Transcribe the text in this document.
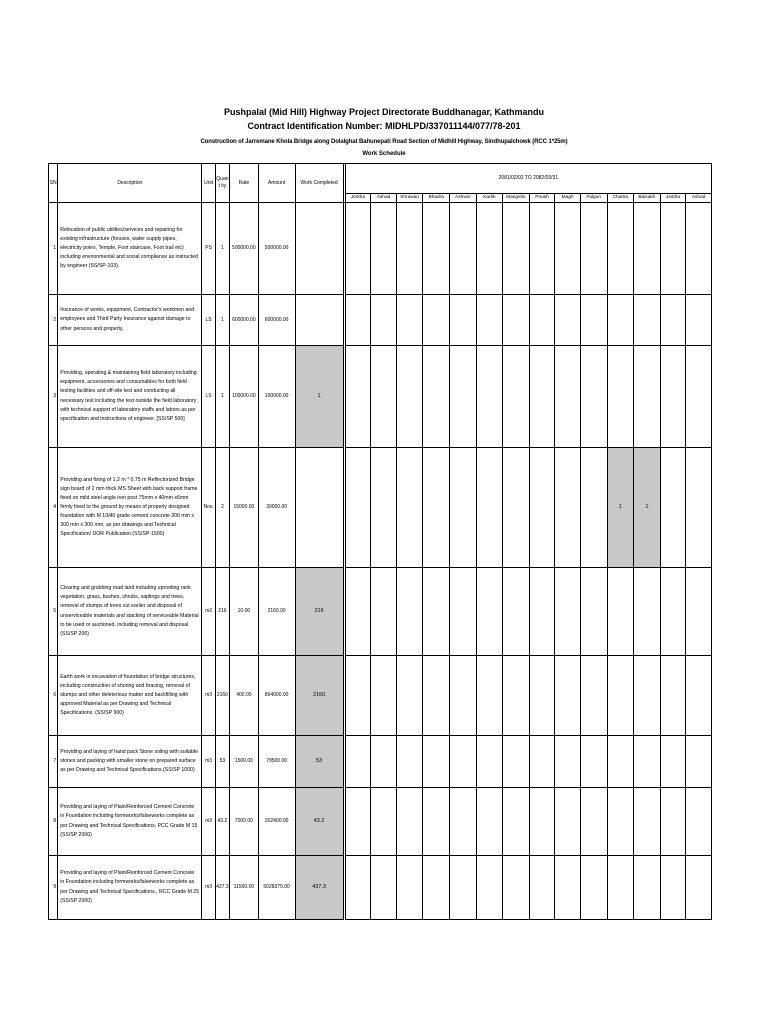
Pushpalal (Mid Hill) Highway Project Directorate Buddhanagar, Kathmandu
Contract Identification Number: MIDHLPD/337011144/077/78-201
Construction of Jarremane Khola Bridge along Dolalghat Bahunepati Road Section of Midhill Highway, Sindhupalchowk (RCC 1*25m)
Work Schedule
SN	Description	Unit	Quant ity	Rate	Amount	Work Completed		2081/02/02 TO 2082/03/31													
								Jestha	Ashad	Shrawan	Bhadra	Ashwin	Kartik	Mangshir	Poush	Magh	Falgun	Chaitra	Baisakh	Jestha	Ashad
1	Relocation of public utilities/services and repairing for existing infrastructure (houses, water supply pipes, electricity poles, Temple, Foot staircase, Foot trail etc) including environmental and social compliance as instructed by engineer (SS/SP-103).	PS	1	500000.00	500000.00																
2	Insurance of works, equipment, Contractor's workmen and employees and Third Party Insurance against damage to other persons and property.	LS	1	600000.00	600000.00																
3	Providing, operating & maintaining field laboratory including equipment, accessories and consumables for both field testing facilities and off-site test and conducting all necessary test including the test outside the field laboratory with technical support of laboratory staffs and labors as per specification and instructions of engineer. [SS/SP 500]	LS	1	100000.00	100000.00	1															
4	Providing and fixing of 1.2 m * 0.75 m Reflectorized Bridge sign board of 2 mm thick MS Sheet with back support frame fixed on mild steel angle iron post 75mm x 40mm x6mm firmly fixed to the ground by means of properly designed foundation with M 10/40 grade cement concrete 300 mm x 300 mm x 300 mm, as per drawings and Technical Specification/ DOR Publication.(SS/SP-1500)	Nos.	2	15000.00	30000.00													1	1		
5	Clearing and grubbing road land including uprooting rank vegetation, grass, bushes, shrubs, saplings and trees, removal of stumps of trees cut earlier and disposal of unserviceable materials and stacking of serviceable Material to be used or auctioned, including removal and disposal (SS/SP 200)	m2	216	10.00	2160.00	216															
6	Earth work in excavation of foundation of bridge structures, including construction of shoring and bracing, removal of stumps and other deleterious matter and backfilling with approved Material as per Drawing and Technical Specifications. (SS/SP 900)	m3	2160	400.00	864000.00	2160															
7	Providing and laying of hand pack Stone soling with suitable stones and packing with smaller stone on prepared surface as per Drawing and Technical Specifications.(SS/SP 1000)	m3	53	1500.00	79500.00	53															
8	Providing and laying of Plain/Reinforced Cement Concrete in Foundation including formworks/falseworks complete as per Drawing and Technical Specifications, PCC Grade M 15 (SS/SP 2000)	m3	43.2	7000.00	302400.00	43.2															
9	Providing and laying of Plain/Reinforced Cement Concrete in Foundation including formworks/falseworks complete as per Drawing and Technical Specifications., RCC Grade M 25 (SS/SP 2000)	m3	437.3	11500.00	5028375.00	437.3															
